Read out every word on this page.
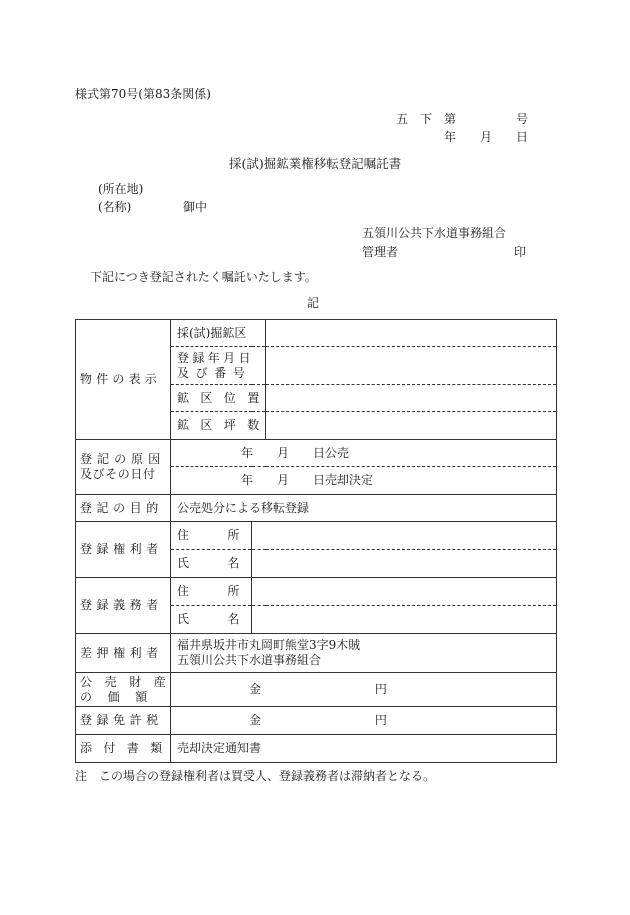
様式第70号(第83条関係)
五　下　第　　　　　号
年　　月　　日
採(試)掘鉱業権移転登記嘱託書
(所在地)
(名称)	御中
五領川公共下水道事務組合
管理者	印
下記につき登記されたく嘱託いたします。
記
物件の表示	採(試)掘鉱区		

	登録年月日
及び番号		

	鉱区位置		
	鉱区坪数		

登記の原因
及びその日付	年　　月　　日公売		
	年　　月　　日売却決定		
登記の目的	公売処分による移転登録		
登録権利者	住所		
	氏名		
登録義務者	住所		
	氏名		
差押権利者	福井県坂井市丸岡町熊堂3字9木賊
五領川公共下水道事務組合		

公売財産
の価額	金 円		
登録免許税	金 円		
添付書類	売却決定通知書		
注　この場合の登録権利者は買受人、登録義務者は滞納者となる。
